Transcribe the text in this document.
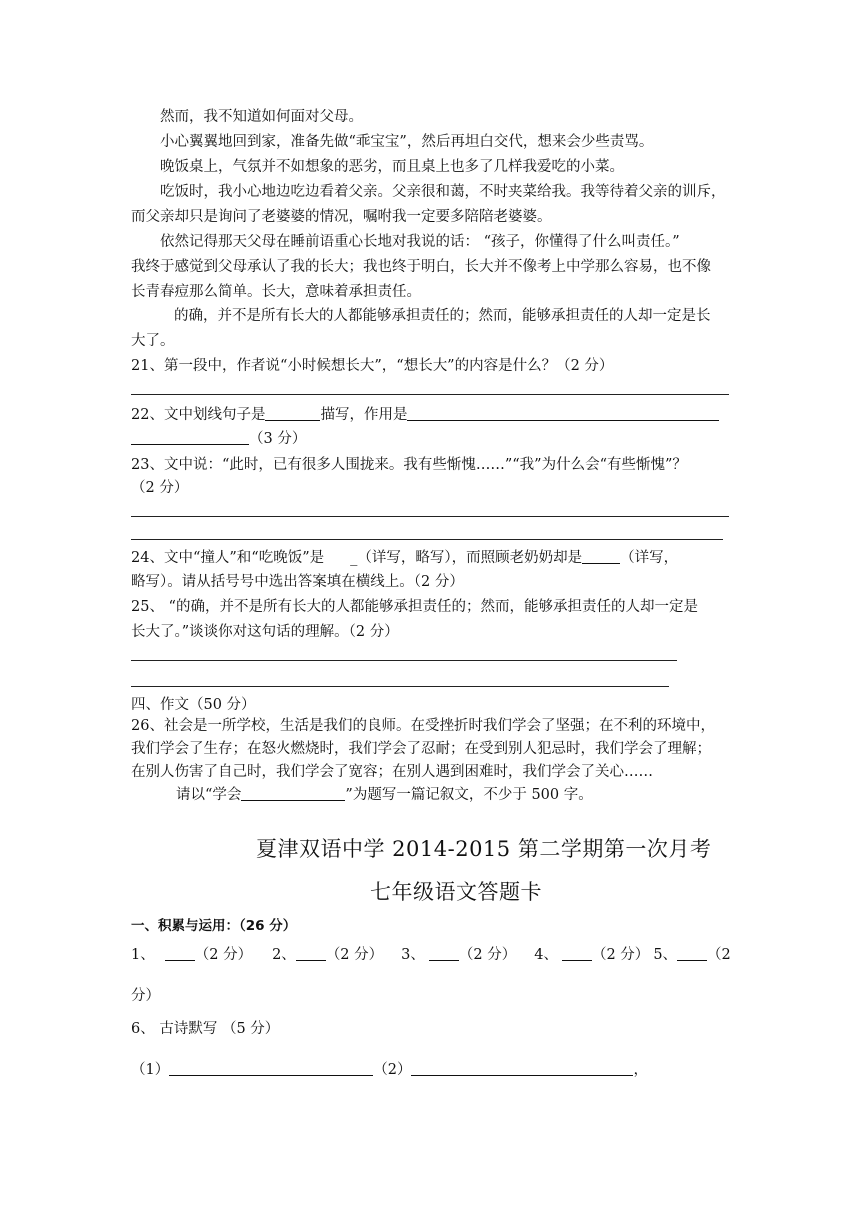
然而，我不知道如何面对父母。
小心翼翼地回到家，准备先做“乖宝宝”，然后再坦白交代，想来会少些责骂。
晚饭桌上，气氛并不如想象的恶劣，而且桌上也多了几样我爱吃的小菜。
吃饭时，我小心地边吃边看着父亲。父亲很和蔼，不时夹菜给我。我等待着父亲的训斥，
而父亲却只是询问了老婆婆的情况，嘱咐我一定要多陪陪老婆婆。
依然记得那天父母在睡前语重心长地对我说的话： “孩子，你懂得了什么叫责任。”
我终于感觉到父母承认了我的长大；我也终于明白，长大并不像考上中学那么容易，也不像
长青春痘那么简单。长大，意味着承担责任。
的确，并不是所有长大的人都能够承担责任的；然而，能够承担责任的人却一定是长
大了。
21、第一段中，作者说“小时候想长大”，“想长大”的内容是什么？（2 分）
22、文中划线句子是	描写，作用是
（3 分）
23、文中说：“此时，已有很多人围拢来。我有些惭愧……”“我”为什么会“有些惭愧”？
（2 分）
24、文中“撞人”和“吃晚饭”是 _（详写，略写），而照顾老奶奶却是	（详写，
略写）。请从括号号中选出答案填在横线上。（2 分）
25、 “的确，并不是所有长大的人都能够承担责任的；然而，能够承担责任的人却一定是
长大了。”谈谈你对这句话的理解。（2 分）
四、作文（50 分）
26、社会是一所学校，生活是我们的良师。在受挫折时我们学会了坚强；在不利的环境中，
我们学会了生存；在怒火燃烧时，我们学会了忍耐；在受到别人犯忌时，我们学会了理解；
在别人伤害了自己时，我们学会了宽容；在别人遇到困难时，我们学会了关心……
请以“学会	”为题写一篇记叙文，不少于 500 字。
夏津双语中学 2014-2015 第二学期第一次月考
七年级语文答题卡
一、积累与运用：（26 分）
1、	（2 分） 2、 （2 分） 3、 （2 分） 4、 （2 分） 5、 （2
分）
6、 古诗默写 （5 分）
（1）	（2）	，
